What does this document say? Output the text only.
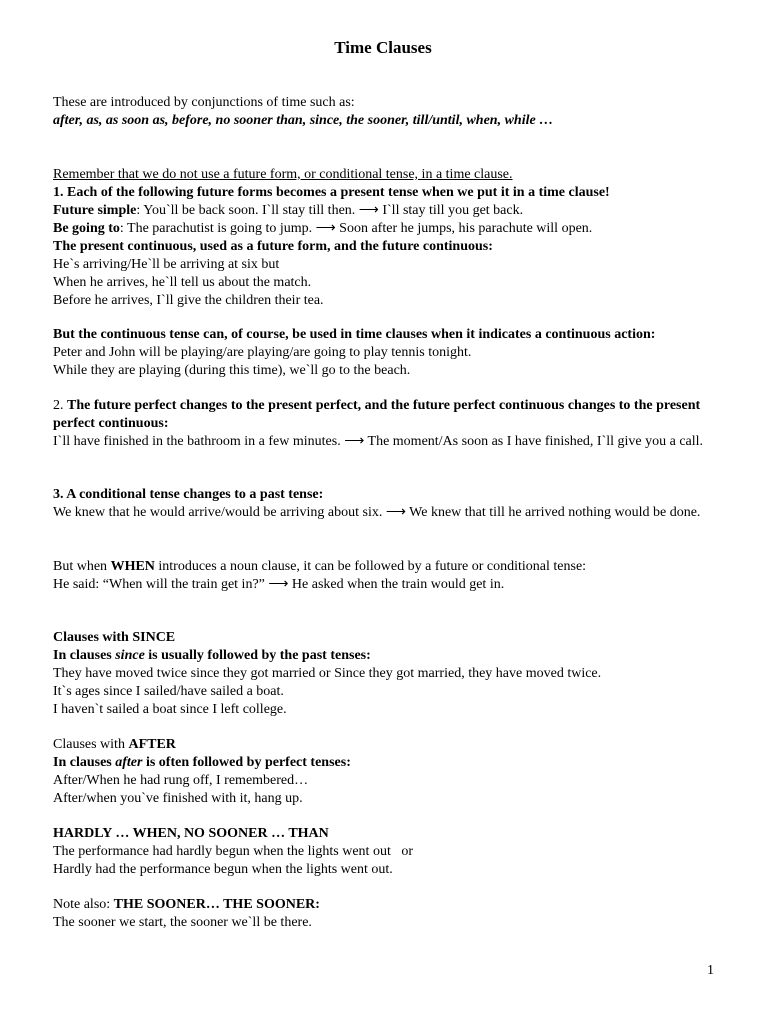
Time Clauses
These are introduced by conjunctions of time such as:
after, as, as soon as, before, no sooner than, since, the sooner, till/until, when, while …
Remember that we do not use a future form, or conditional tense, in a time clause.
1. Each of the following future forms becomes a present tense when we put it in a time clause!
Future simple: You`ll be back soon. I`ll stay till then. ⟶ I`ll stay till you get back.
Be going to: The parachutist is going to jump. ⟶ Soon after he jumps, his parachute will open.
The present continuous, used as a future form, and the future continuous:
He`s arriving/He`ll be arriving at six but
When he arrives, he`ll tell us about the match.
Before he arrives, I`ll give the children their tea.
But the continuous tense can, of course, be used in time clauses when it indicates a continuous action:
Peter and John will be playing/are playing/are going to play tennis tonight.
While they are playing (during this time), we`ll go to the beach.
2. The future perfect changes to the present perfect, and the future perfect continuous changes to the present perfect continuous:
I`ll have finished in the bathroom in a few minutes. ⟶ The moment/As soon as I have finished, I`ll give you a call.
3. A conditional tense changes to a past tense:
We knew that he would arrive/would be arriving about six. ⟶ We knew that till he arrived nothing would be done.
But when WHEN introduces a noun clause, it can be followed by a future or conditional tense:
He said: “When will the train get in?” ⟶ He asked when the train would get in.
Clauses with SINCE
In clauses since is usually followed by the past tenses:
They have moved twice since they got married or Since they got married, they have moved twice.
It`s ages since I sailed/have sailed a boat.
I haven`t sailed a boat since I left college.
Clauses with AFTER
In clauses after is often followed by perfect tenses:
After/When he had rung off, I remembered…
After/when you`ve finished with it, hang up.
HARDLY … WHEN, NO SOONER … THAN
The performance had hardly begun when the lights went out   or
Hardly had the performance begun when the lights went out.
Note also: THE SOONER… THE SOONER:
The sooner we start, the sooner we`ll be there.
1
